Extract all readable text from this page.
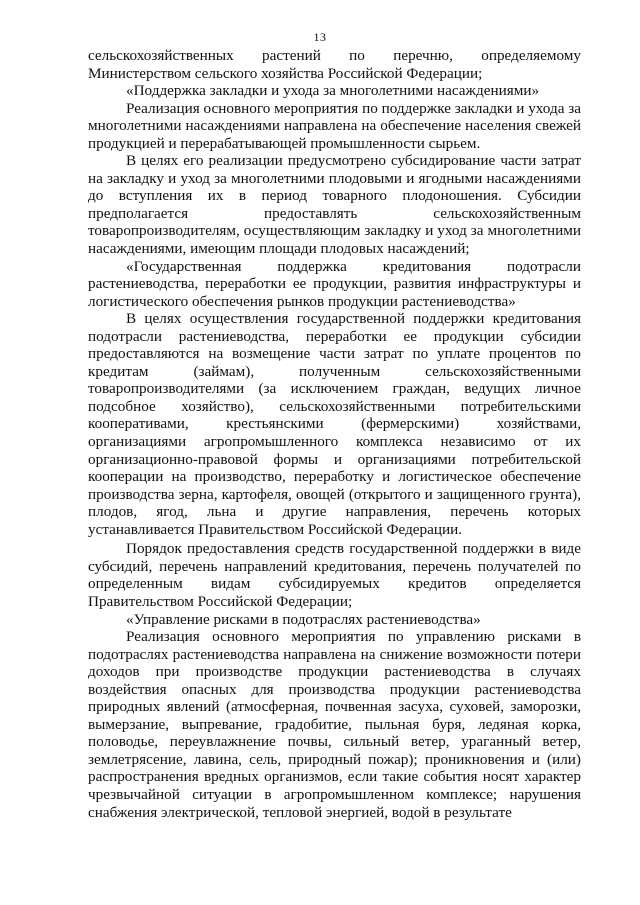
13

сельскохозяйственных растений по перечню, определяемому Министерством сельского хозяйства Российской Федерации;

«Поддержка закладки и ухода за многолетними насаждениями»

Реализация основного мероприятия по поддержке закладки и ухода за многолетними насаждениями направлена на обеспечение населения свежей продукцией и перерабатывающей промышленности сырьем.

В целях его реализации предусмотрено субсидирование части затрат на закладку и уход за многолетними плодовыми и ягодными насаждениями до вступления их в период товарного плодоношения. Субсидии предполагается предоставлять сельскохозяйственным товаропроизводителям, осуществляющим закладку и уход за многолетними насаждениями, имеющим площади плодовых насаждений;

«Государственная поддержка кредитования подотрасли растениеводства, переработки ее продукции, развития инфраструктуры и логистического обеспечения рынков продукции растениеводства»

В целях осуществления государственной поддержки кредитования подотрасли растениеводства, переработки ее продукции субсидии предоставляются на возмещение части затрат по уплате процентов по кредитам (займам), полученным сельскохозяйственными товаропроизводителями (за исключением граждан, ведущих личное подсобное хозяйство), сельскохозяйственными потребительскими кооперативами, крестьянскими (фермерскими) хозяйствами, организациями агропромышленного комплекса независимо от их организационно-правовой формы и организациями потребительской кооперации на производство, переработку и логистическое обеспечение производства зерна, картофеля, овощей (открытого и защищенного грунта), плодов, ягод, льна и другие направления, перечень которых устанавливается Правительством Российской Федерации.

Порядок предоставления средств государственной поддержки в виде субсидий, перечень направлений кредитования, перечень получателей по определенным видам субсидируемых кредитов определяется Правительством Российской Федерации;

«Управление рисками в подотраслях растениеводства»

Реализация основного мероприятия по управлению рисками в подотраслях растениеводства направлена на снижение возможности потери доходов при производстве продукции растениеводства в случаях воздействия опасных для производства продукции растениеводства природных явлений (атмосферная, почвенная засуха, суховей, заморозки, вымерзание, выпревание, градобитие, пыльная буря, ледяная корка, половодье, переувлажнение почвы, сильный ветер, ураганный ветер, землетрясение, лавина, сель, природный пожар); проникновения и (или) распространения вредных организмов, если такие события носят характер чрезвычайной ситуации в агропромышленном комплексе; нарушения снабжения электрической, тепловой энергией, водой в результате
